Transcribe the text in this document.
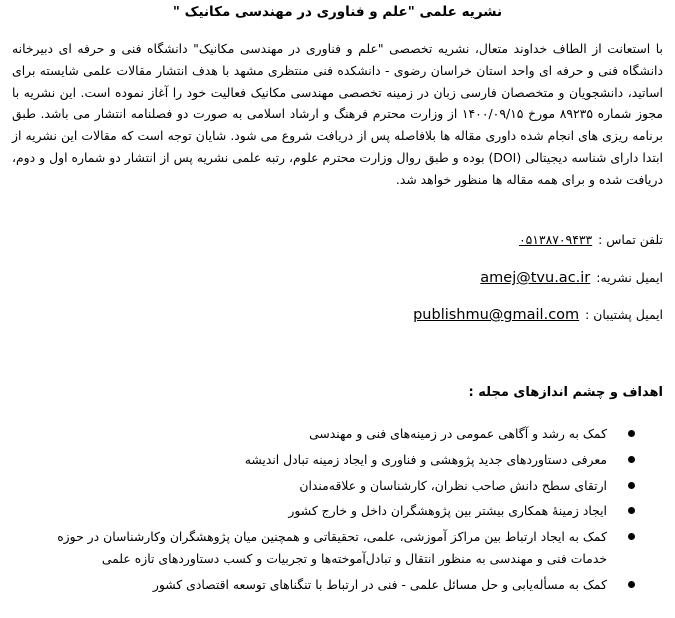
نشریه علمی "علم و فناوری در مهندسی مکانیک "

با استعانت از الطاف خداوند متعال، نشریه تخصصی "علم و فناوری در مهندسی مکانیک" دانشگاه فنی و حرفه ای دبیرخانه دانشگاه فنی و حرفه ای واحد استان خراسان رضوی - دانشکده فنی منتظری مشهد با هدف انتشار مقالات علمی شایسته برای اساتید، دانشجویان و متخصصان فارسی زبان در زمینه تخصصی مهندسی مکانیک فعالیت خود را آغاز نموده است. این نشریه با مجوز شماره ۸۹۲۳۵ مورخ ۱۴۰۰/۰۹/۱۵ از وزارت محترم فرهنگ و ارشاد اسلامی به صورت دو فصلنامه انتشار می باشد. طبق برنامه ریزی های انجام شده داوری مقاله ها بلافاصله پس از دریافت شروع می شود. شایان توجه است که مقالات این نشریه از ابتدا دارای شناسه دیجیتالی (DOI) بوده و طبق روال وزارت محترم علوم، رتبه علمی نشریه پس از انتشار دو شماره اول و دوم، دریافت شده و برای همه مقاله ها منظور خواهد شد.

تلفن تماس :
۰۵۱۳۸۷۰۹۴۳۳
ایمیل نشریه:
amej@tvu.ac.ir
ایمیل پشتیبان :
publishmu@gmail.com
اهداف و چشم اندازهای مجله :
کمک به رشد و آگاهی عمومی در زمینه‌های فنی و مهندسی
معرفی دستاوردهای جدید پژوهشی و فناوری و ایجاد زمینه تبادل اندیشه
ارتقای سطح دانش صاحب نظران، کارشناسان و علاقه‌مندان
ایجاد زمینهٔ همکاری بیشتر بین پژوهشگران داخل و خارج کشور
کمک به ایجاد ارتباط بین مراکز آموزشی، علمی، تحقیقاتی و همچنین میان پژوهشگران وکارشناسان در حوزه خدمات فنی و مهندسی به منظور انتقال و تبادل‌آموخته‌ها و تجربیات و کسب دستاوردهای تازه علمی
کمک به مسأله‌یابی و حل مسائل علمی - فنی در ارتباط با تنگناهای توسعه اقتصادی کشور
